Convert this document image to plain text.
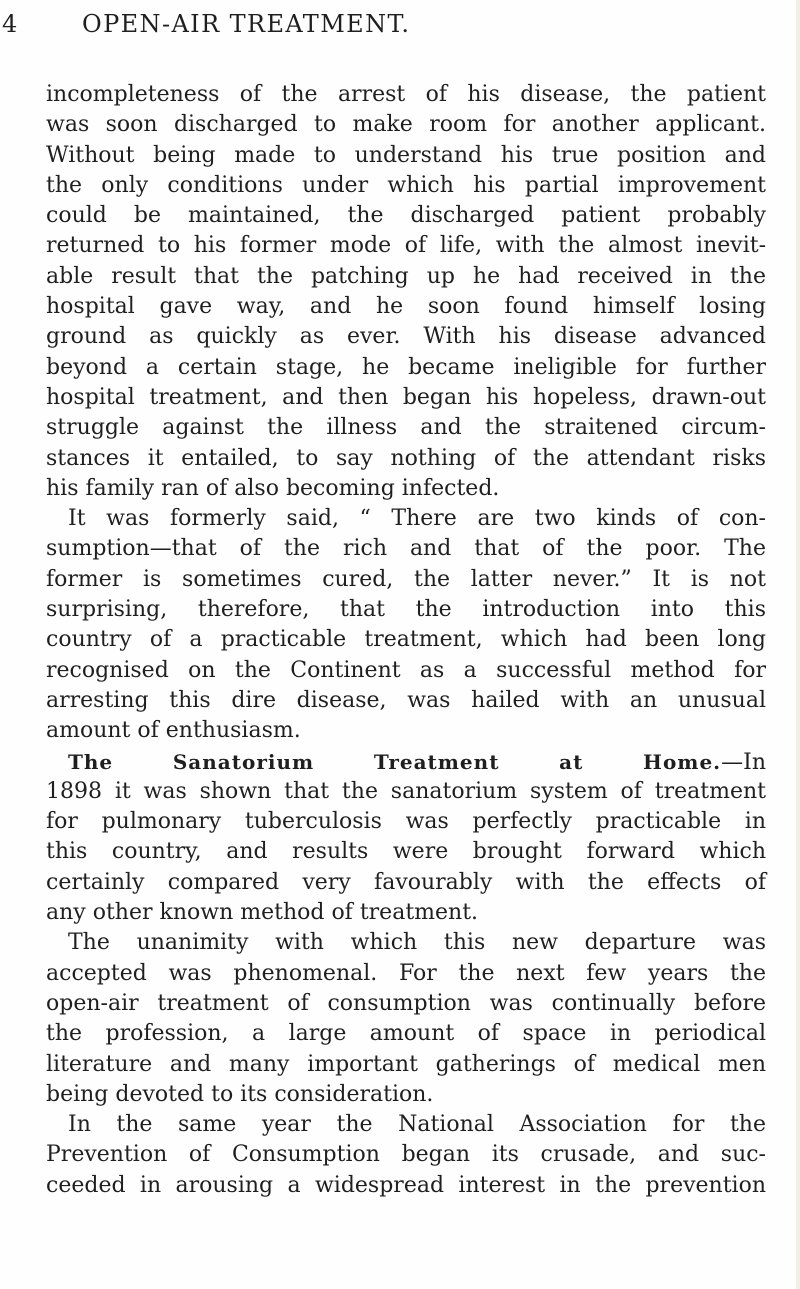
4	OPEN-AIR TREATMENT.
incompleteness of the arrest of his disease, the patient
was soon discharged to make room for another applicant.
Without being made to understand his true position and
the only conditions under which his partial improvement
could be maintained, the discharged patient probably
returned to his former mode of life, with the almost inevit-
able result that the patching up he had received in the
hospital gave way, and he soon found himself losing
ground as quickly as ever. With his disease advanced
beyond a certain stage, he became ineligible for further
hospital treatment, and then began his hopeless, drawn-out
struggle against the illness and the straitened circum-
stances it entailed, to say nothing of the attendant risks
his family ran of also becoming infected.
It was formerly said, “ There are two kinds of con-
sumption—that of the rich and that of the poor. The
former is sometimes cured, the latter never.” It is not
surprising, therefore, that the introduction into this
country of a practicable treatment, which had been long
recognised on the Continent as a successful method for
arresting this dire disease, was hailed with an unusual
amount of enthusiasm.
The Sanatorium Treatment at Home.—In
1898 it was shown that the sanatorium system of treatment
for pulmonary tuberculosis was perfectly practicable in
this country, and results were brought forward which
certainly compared very favourably with the effects of
any other known method of treatment.
The unanimity with which this new departure was
accepted was phenomenal. For the next few years the
open-air treatment of consumption was continually before
the profession, a large amount of space in periodical
literature and many important gatherings of medical men
being devoted to its consideration.
In the same year the National Association for the
Prevention of Consumption began its crusade, and suc-
ceeded in arousing a widespread interest in the prevention
